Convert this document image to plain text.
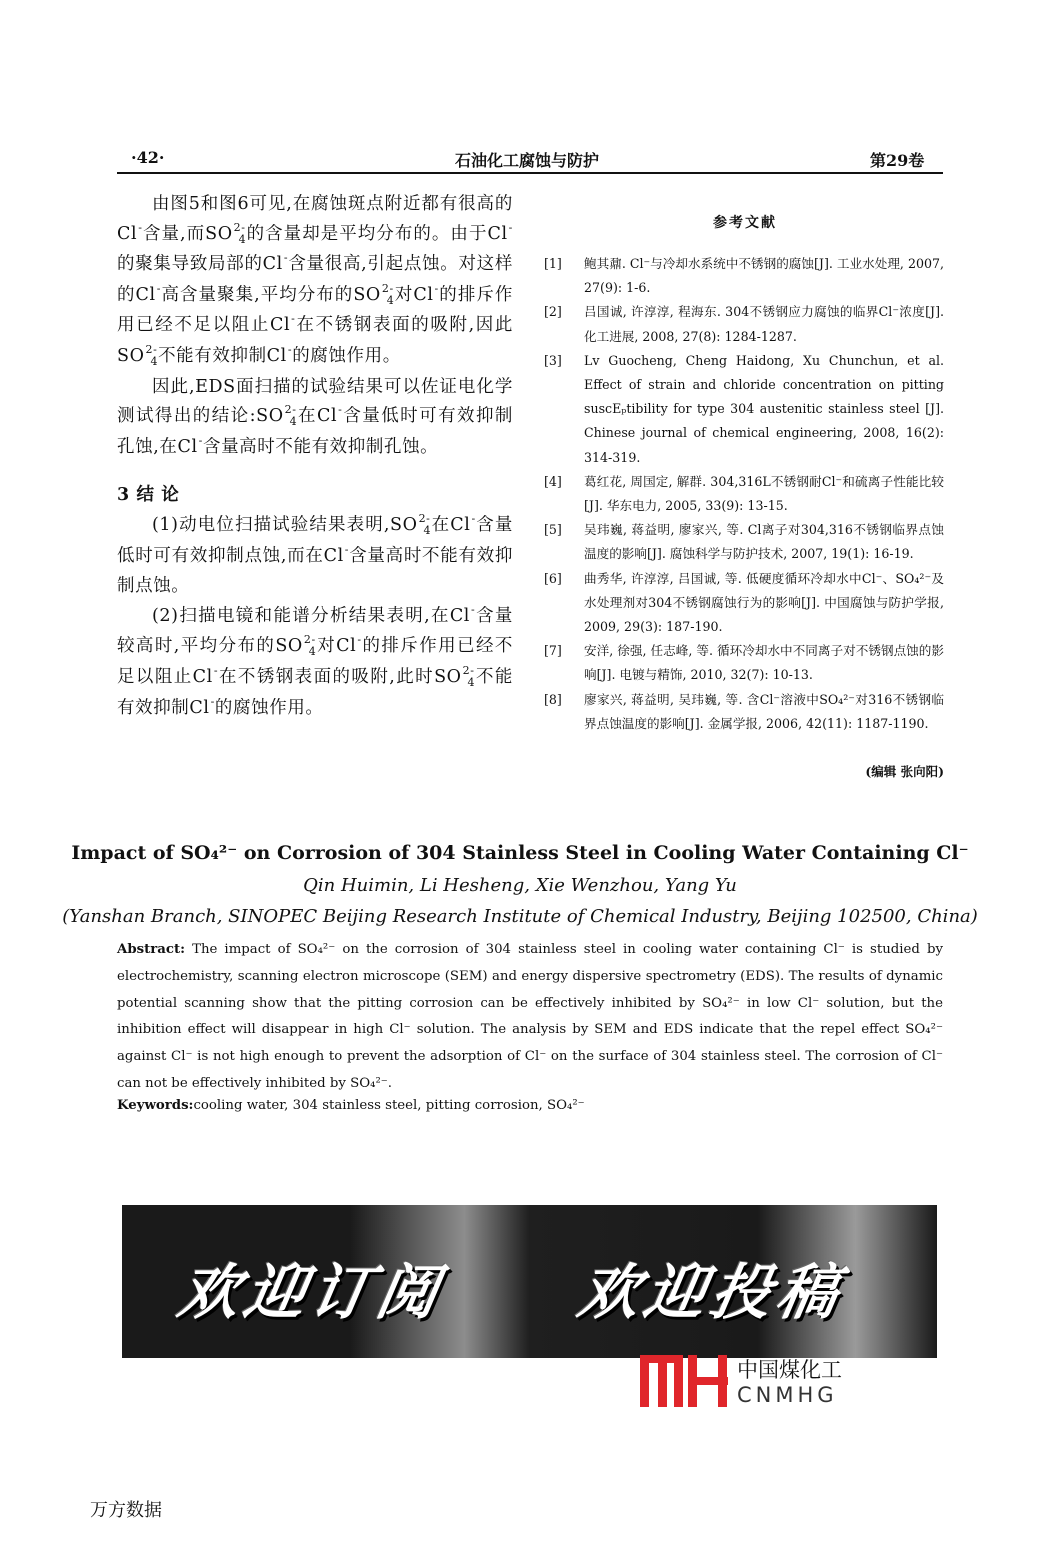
·42·	石油化工腐蚀与防护	第29卷

由图5和图6可见,在腐蚀斑点附近都有很高的Cl-含量,而$SO^{2-}_4$的含量却是平均分布的。由于Cl-的聚集导致局部的Cl-含量很高,引起点蚀。对这样的Cl-高含量聚集,平均分布的$SO^{2-}_4$对Cl-的排斥作用已经不足以阻止Cl-在不锈钢表面的吸附,因此$SO^{2-}_4$不能有效抑制Cl-的腐蚀作用。

因此,EDS面扫描的试验结果可以佐证电化学测试得出的结论$:SO^{2-}_4$在Cl-含量低时可有效抑制孔蚀,在Cl-含量高时不能有效抑制孔蚀。

3 结 论

(1)动电位扫描试验结果表明$,SO^{2-}_4$在Cl-含量低时可有效抑制点蚀,而在Cl-含量高时不能有效抑制点蚀。

(2)扫描电镜和能谱分析结果表明,在Cl-含量较高时,平均分布的$SO^{2-}_4$对Cl-的排斥作用已经不足以阻止Cl-在不锈钢表面的吸附,此时$SO^{2-}_4$不能有效抑制Cl-的腐蚀作用。

参考文献
[1]	鲍其鼐. Cl⁻与冷却水系统中不锈钢的腐蚀[J]. 工业水处理, 2007, 27(9): 1-6.
[2]	吕国诚, 许淳淳, 程海东. 304不锈钢应力腐蚀的临界Cl⁻浓度[J]. 化工进展, 2008, 27(8): 1284-1287.
[3]	Lv Guocheng, Cheng Haidong, Xu Chunchun, et al. Effect of strain and chloride concentration on pitting suscEₚtibility for type 304 austenitic stainless steel [J]. Chinese journal of chemical engineering, 2008, 16(2): 314-319.
[4]	葛红花, 周国定, 解群. 304,316L不锈钢耐Cl⁻和硫离子性能比较[J]. 华东电力, 2005, 33(9): 13-15.
[5]	吴玮巍, 蒋益明, 廖家兴, 等. Cl离子对304,316不锈钢临界点蚀温度的影响[J]. 腐蚀科学与防护技术, 2007, 19(1): 16-19.
[6]	曲秀华, 许淳淳, 吕国诚, 等. 低硬度循环冷却水中Cl⁻、SO₄²⁻及水处理剂对304不锈钢腐蚀行为的影响[J]. 中国腐蚀与防护学报, 2009, 29(3): 187-190.
[7]	安洋, 徐强, 任志峰, 等. 循环冷却水中不同离子对不锈钢点蚀的影响[J]. 电镀与精饰, 2010, 32(7): 10-13.
[8]	廖家兴, 蒋益明, 吴玮巍, 等. 含Cl⁻溶液中SO₄²⁻对316不锈钢临界点蚀温度的影响[J]. 金属学报, 2006, 42(11): 1187-1190.
(编辑 张向阳)
Impact of SO₄²⁻ on Corrosion of 304 Stainless Steel in Cooling Water Containing Cl⁻
Qin Huimin, Li Hesheng, Xie Wenzhou, Yang Yu
(Yanshan Branch, SINOPEC Beijing Research Institute of Chemical Industry, Beijing 102500, China)
Abstract: The impact of SO₄²⁻ on the corrosion of 304 stainless steel in cooling water containing Cl⁻ is studied by electrochemistry, scanning electron microscope (SEM) and energy dispersive spectrometry (EDS). The results of dynamic potential scanning show that the pitting corrosion can be effectively inhibited by SO₄²⁻ in low Cl⁻ solution, but the inhibition effect will disappear in high Cl⁻ solution. The analysis by SEM and EDS indicate that the repel effect SO₄²⁻ against Cl⁻ is not high enough to prevent the adsorption of Cl⁻ on the surface of 304 stainless steel. The corrosion of Cl⁻ can not be effectively inhibited by SO₄²⁻.
Keywords:cooling water, 304 stainless steel, pitting corrosion, SO₄²⁻
欢迎订阅 欢迎投稿
中国煤化工
CNMHG
万方数据
